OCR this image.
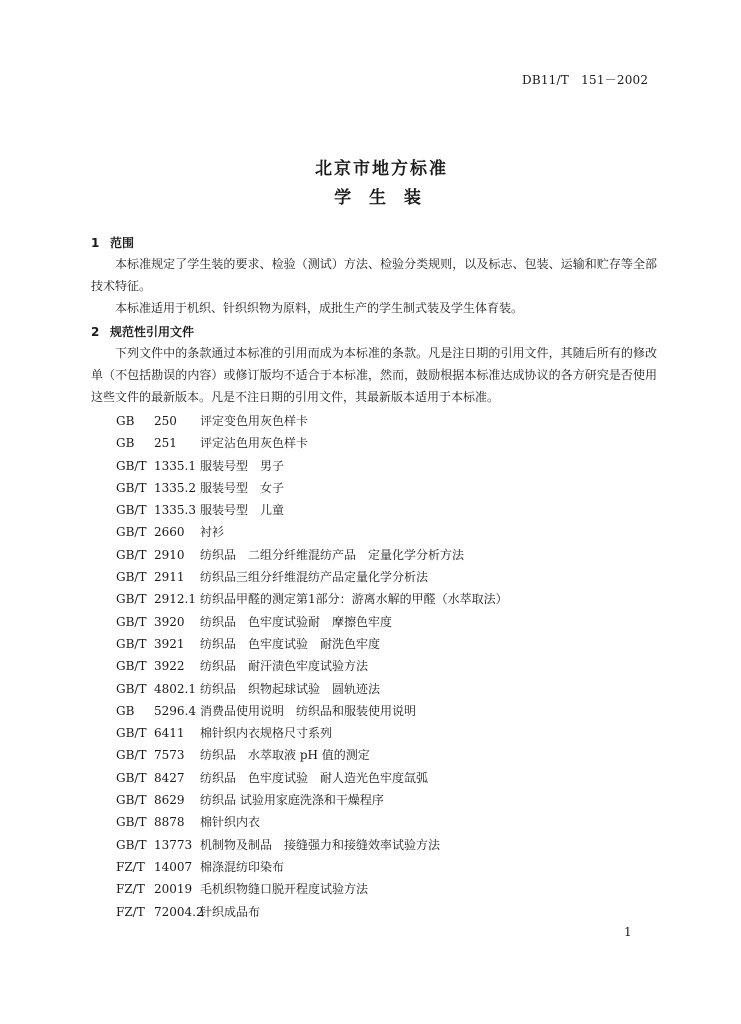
DB11/T　151－2002
北京市地方标准
学 生 装
1 范围
本标准规定了学生装的要求、检验（测试）方法、检验分类规则，以及标志、包装、运输和贮存等全部技术特征。
本标准适用于机织、针织织物为原料，成批生产的学生制式装及学生体育装。
2 规范性引用文件
下列文件中的条款通过本标准的引用而成为本标准的条款。凡是注日期的引用文件，其随后所有的修改单（不包括勘误的内容）或修订版均不适合于本标准，然而，鼓励根据本标准达成协议的各方研究是否使用这些文件的最新版本。凡是不注日期的引用文件，其最新版本适用于本标准。
GB 250 评定变色用灰色样卡
GB 251 评定沾色用灰色样卡
GB/T 1335.1 服装号型　男子
GB/T 1335.2 服装号型　女子
GB/T 1335.3 服装号型　儿童
GB/T 2660 衬衫
GB/T 2910 纺织品　二组分纤维混纺产品　定量化学分析方法
GB/T 2911 纺织品三组分纤维混纺产品定量化学分析法
GB/T 2912.1 纺织品甲醛的测定第1部分：游离水解的甲醛（水萃取法）
GB/T 3920 纺织品　色牢度试验耐　摩擦色牢度
GB/T 3921 纺织品　色牢度试验　耐洗色牢度
GB/T 3922 纺织品　耐汗渍色牢度试验方法
GB/T 4802.1 纺织品　织物起球试验　圆轨迹法
GB 5296.4 消费品使用说明　纺织品和服装使用说明
GB/T 6411 棉针织内衣规格尺寸系列
GB/T 7573 纺织品　水萃取液 pH 值的测定
GB/T 8427 纺织品　色牢度试验　耐人造光色牢度氙弧
GB/T 8629 纺织品 试验用家庭洗涤和干燥程序
GB/T 8878 棉针织内衣
GB/T 13773 机制物及制品　接缝强力和接缝效率试验方法
FZ/T 14007 棉涤混纺印染布
FZ/T 20019 毛机织物缝口脱开程度试验方法
FZ/T 72004.2针织成品布
1
